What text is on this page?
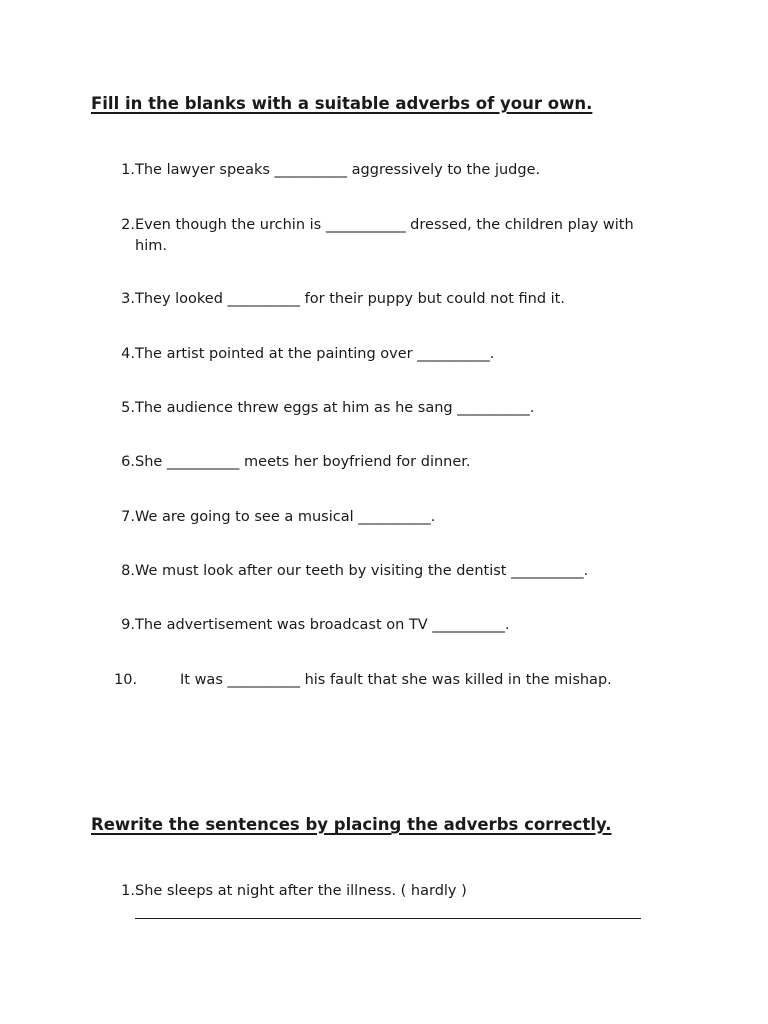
Fill in the blanks with a suitable adverbs of your own.
1. The lawyer speaks __________ aggressively to the judge.
2. Even though the urchin is ___________ dressed, the children play with him.
3. They looked __________ for their puppy but could not find it.
4. The artist pointed at the painting over __________.
5. The audience threw eggs at him as he sang __________.
6. She __________ meets her boyfriend for dinner.
7. We are going to see a musical __________.
8. We must look after our teeth by visiting the dentist __________.
9. The advertisement was broadcast on TV __________.
10.	It was __________ his fault that she was killed in the mishap.
Rewrite the sentences by placing the adverbs correctly.
1. She sleeps at night after the illness. ( hardly )
